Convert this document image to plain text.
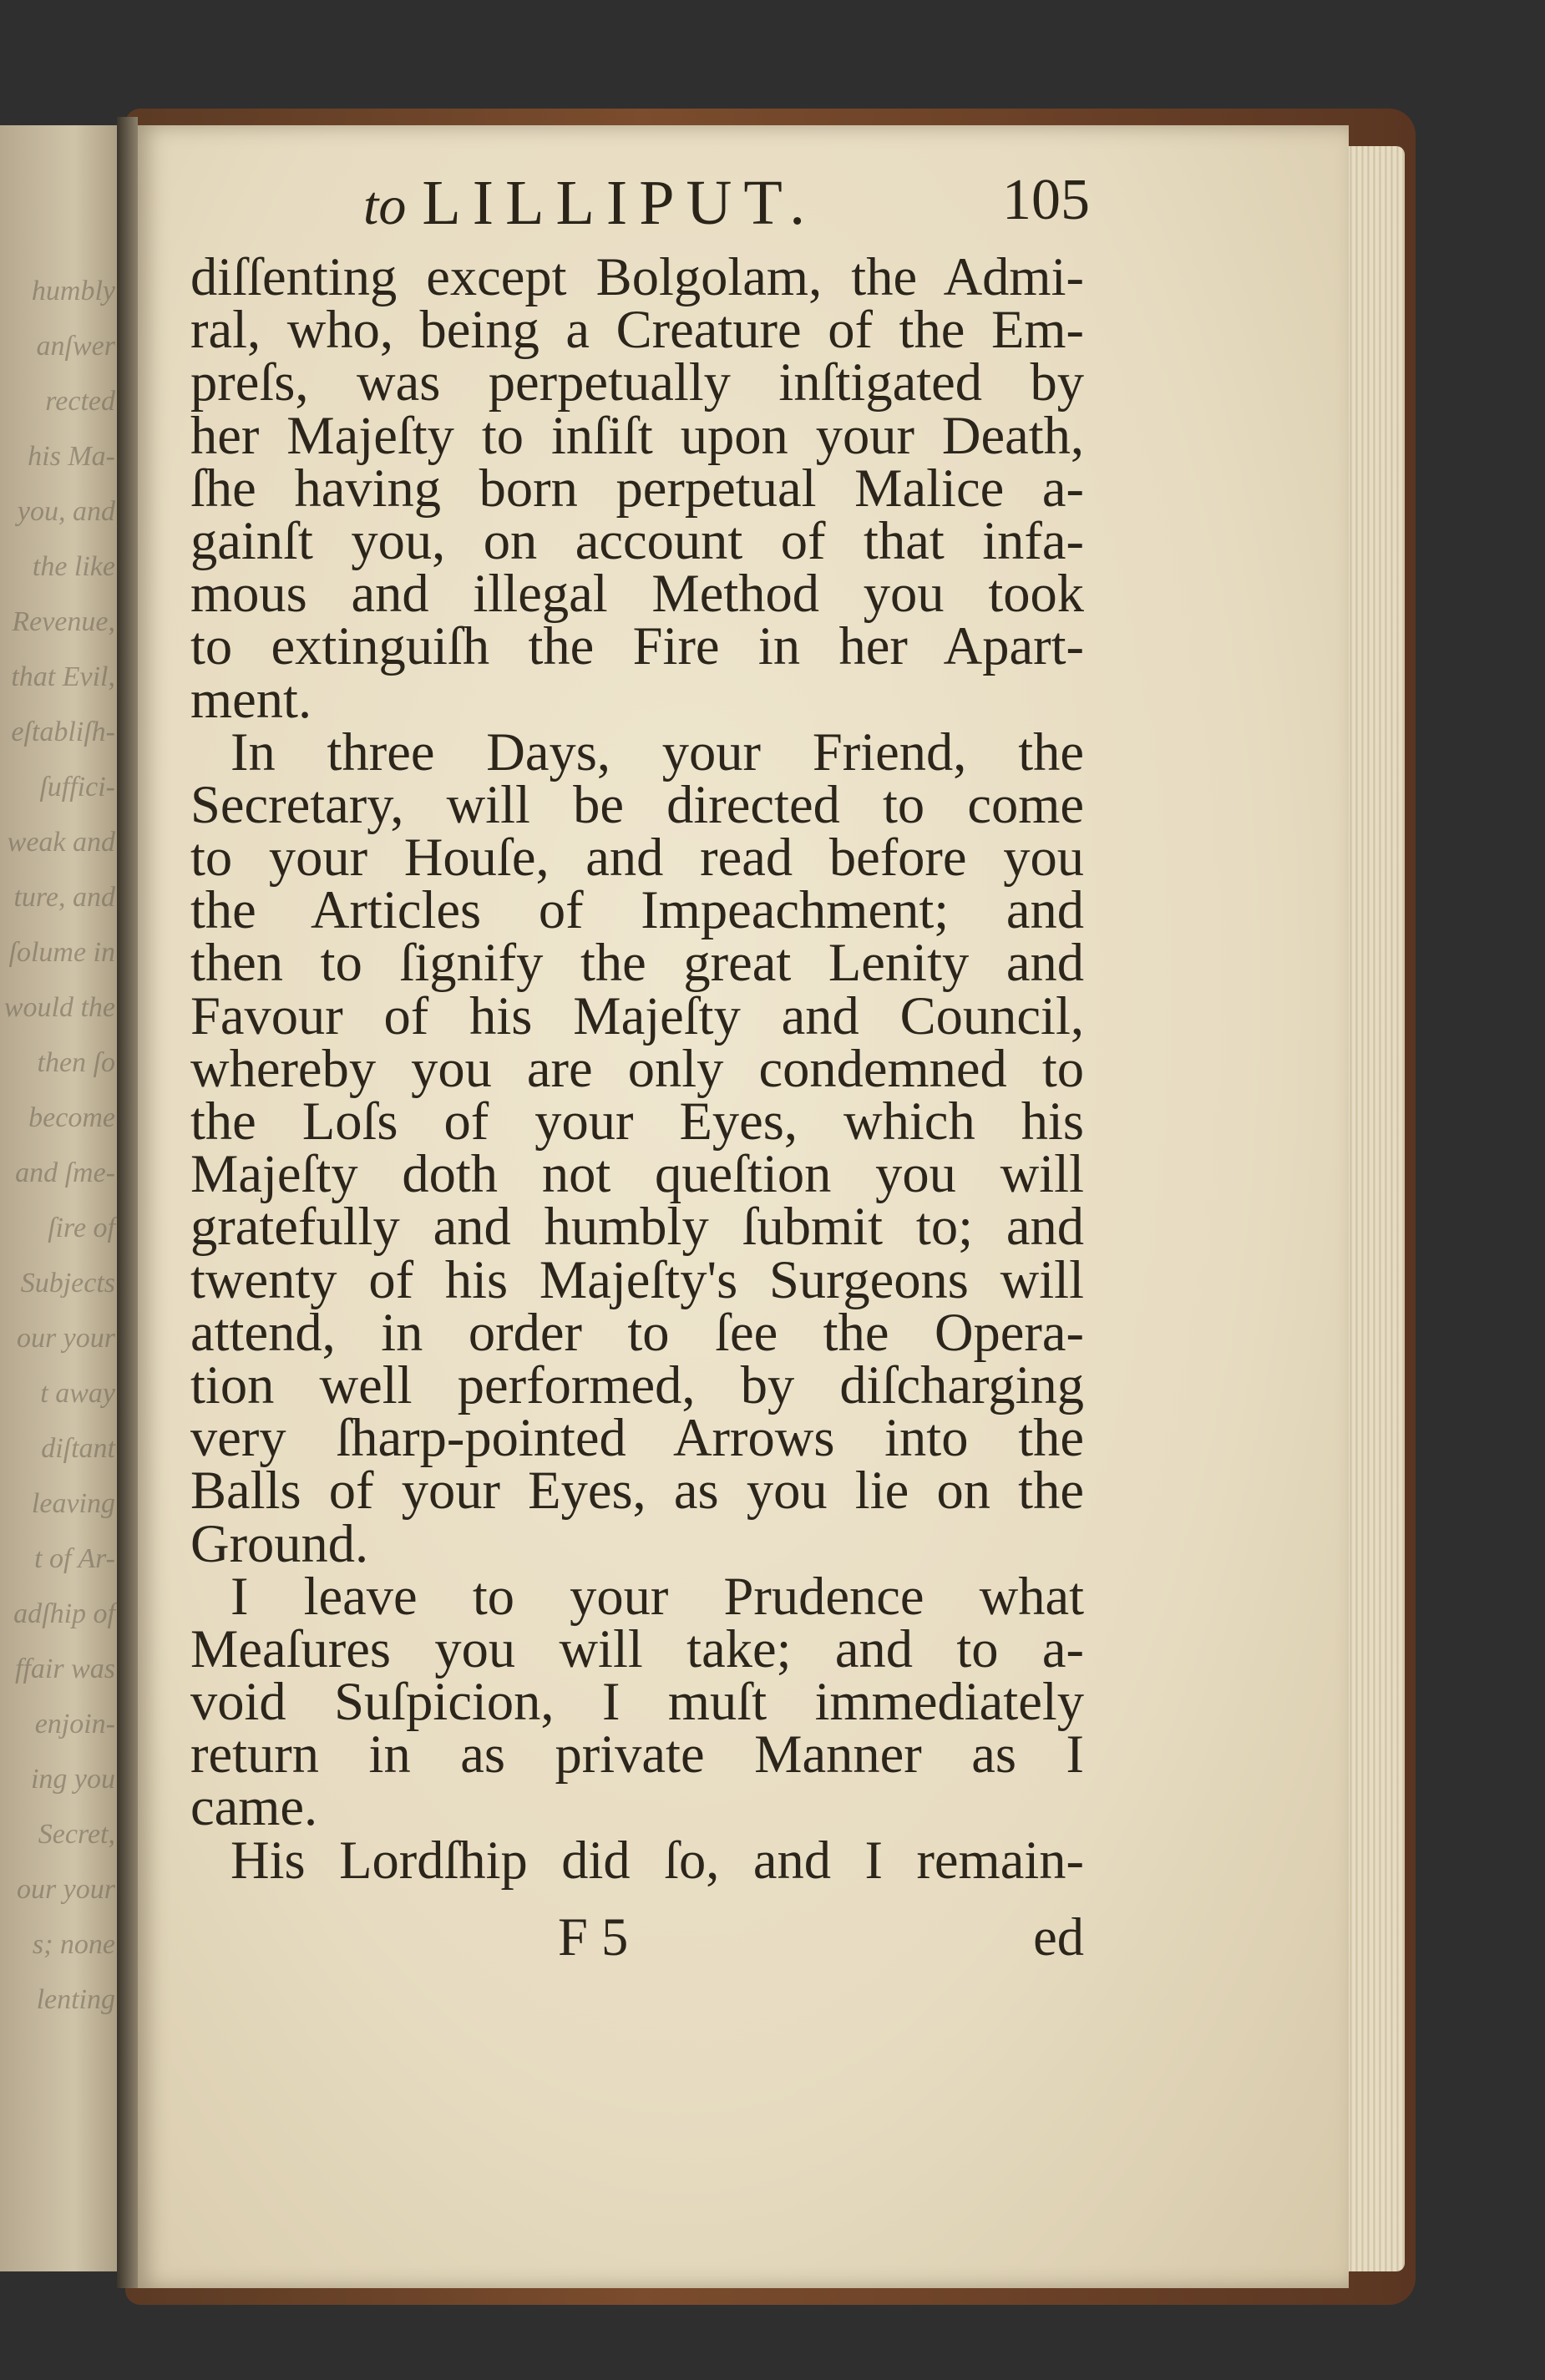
humbly
anſwer
rected
his Ma-
you, and
the like
Revenue,
that Evil,
eſtabliſh-
ſuffici-
weak and
ture, and
ſolume in
would the
then ſo
become
and ſme-
ſire of
Subjects
our your
t away
diſtant
leaving
t of Ar-
adſhip of
ffair was
enjoin-
ing you
Secret,
our your
s; none
lenting
to LILLIPUT.	105
diſſenting except Bolgolam, the Admi-
ral, who, being a Creature of the Em-
preſs, was perpetually inſtigated by
her Majeſty to inſiſt upon your Death,
ſhe having born perpetual Malice a-
gainſt you, on account of that infa-
mous and illegal Method you took
to extinguiſh the Fire in her Apart-
ment.
In three Days, your Friend, the
Secretary, will be directed to come
to your Houſe, and read before you
the Articles of Impeachment; and
then to ſignify the great Lenity and
Favour of his Majeſty and Council,
whereby you are only condemned to
the Loſs of your Eyes, which his
Majeſty doth not queſtion you will
gratefully and humbly ſubmit to; and
twenty of his Majeſty's Surgeons will
attend, in order to ſee the Opera-
tion well performed, by diſcharging
very ſharp-pointed Arrows into the
Balls of your Eyes, as you lie on the
Ground.
I leave to your Prudence what
Meaſures you will take; and to a-
void Suſpicion, I muſt immediately
return in as private Manner as I
came.
His Lordſhip did ſo, and I remain-
F 5	ed
